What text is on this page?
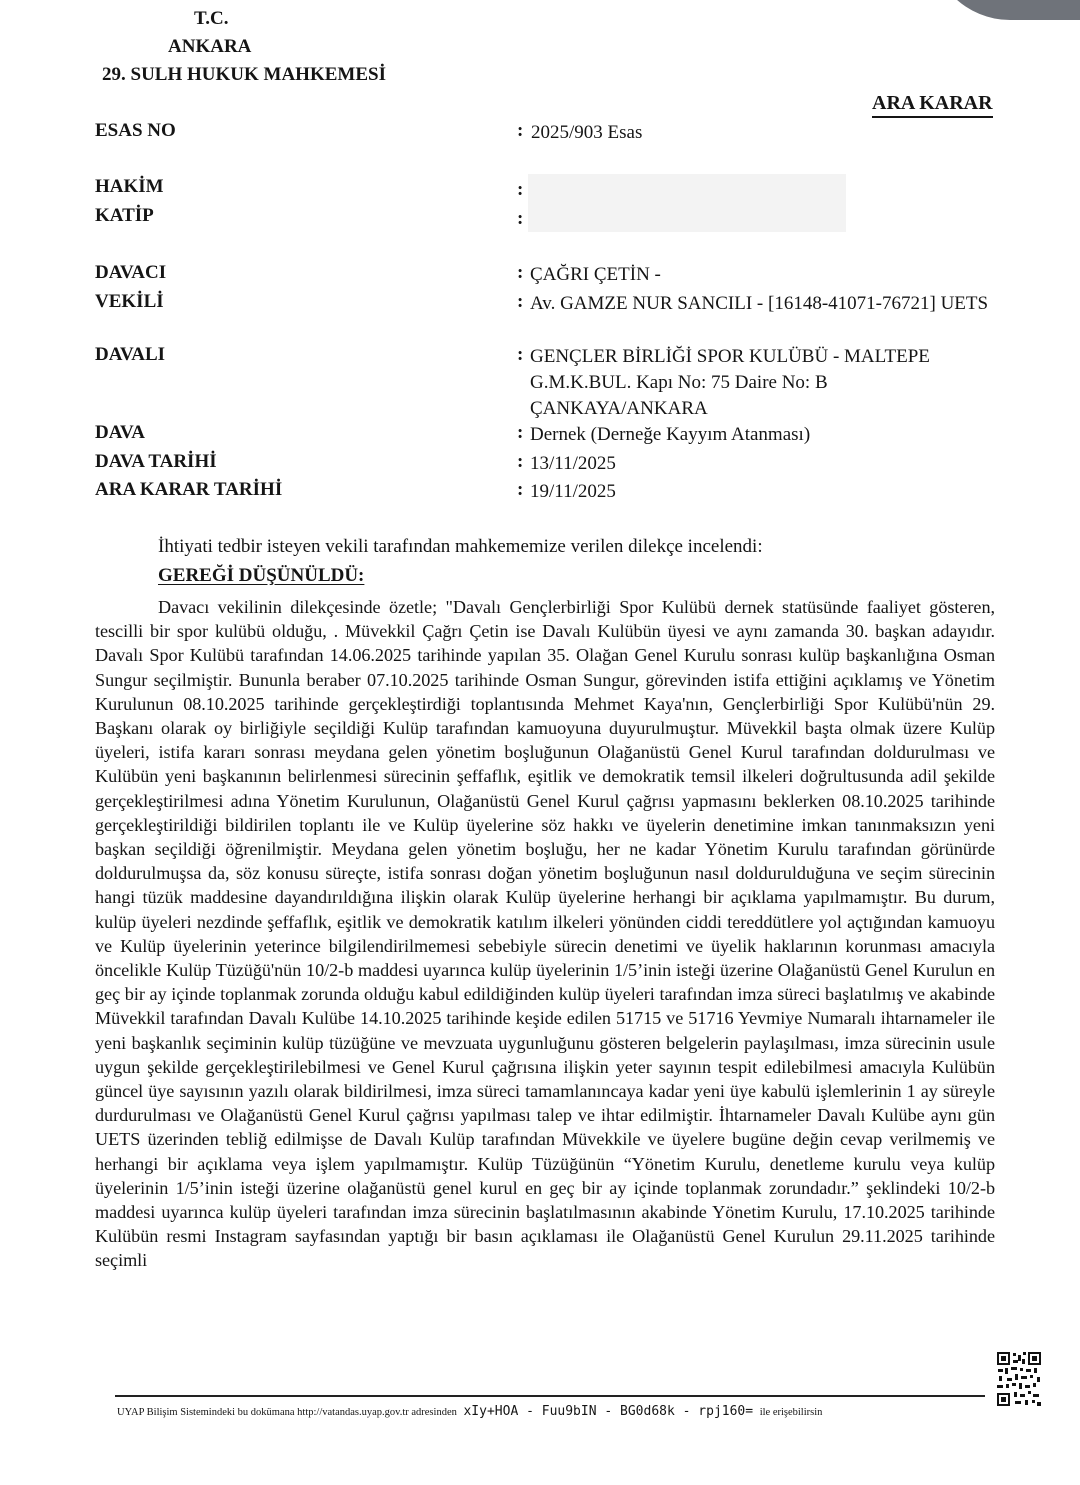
T.C.
ANKARA
29. SULH HUKUK MAHKEMESİ
ARA KARAR
ESAS NO	: 2025/903 Esas
HAKİM	:
KATİP	:
DAVACI	: ÇAĞRI ÇETİN -
VEKİLİ	: Av. GAMZE NUR SANCILI - [16148-41071-76721] UETS
DAVALI	: GENÇLER BİRLİĞİ SPOR KULÜBÜ - MALTEPE G.M.K.BUL. Kapı No: 75 Daire No: B ÇANKAYA/ANKARA
DAVA	: Dernek (Derneğe Kayyım Atanması)
DAVA TARİHİ	: 13/11/2025
ARA KARAR TARİHİ	: 19/11/2025
İhtiyati tedbir isteyen vekili tarafından mahkememize verilen dilekçe incelendi:
GEREĞİ DÜŞÜNÜLDÜ:

Davacı vekilinin dilekçesinde özetle; "Davalı Gençlerbirliği Spor Kulübü dernek statüsünde faaliyet gösteren, tescilli bir spor kulübü olduğu, . Müvekkil Çağrı Çetin ise Davalı Kulübün üyesi ve aynı zamanda 30. başkan adayıdır. Davalı Spor Kulübü tarafından 14.06.2025 tarihinde yapılan 35. Olağan Genel Kurulu sonrası kulüp başkanlığına Osman Sungur seçilmiştir. Bununla beraber 07.10.2025 tarihinde Osman Sungur, görevinden istifa ettiğini açıklamış ve Yönetim Kurulunun 08.10.2025 tarihinde gerçekleştirdiği toplantısında Mehmet Kaya'nın, Gençlerbirliği Spor Kulübü'nün 29. Başkanı olarak oy birliğiyle seçildiği Kulüp tarafından kamuoyuna duyurulmuştur. Müvekkil başta olmak üzere Kulüp üyeleri, istifa kararı sonrası meydana gelen yönetim boşluğunun Olağanüstü Genel Kurul tarafından doldurulması ve Kulübün yeni başkanının belirlenmesi sürecinin şeffaflık, eşitlik ve demokratik temsil ilkeleri doğrultusunda adil şekilde gerçekleştirilmesi adına Yönetim Kurulunun, Olağanüstü Genel Kurul çağrısı yapmasını beklerken 08.10.2025 tarihinde gerçekleştirildiği bildirilen toplantı ile ve Kulüp üyelerine söz hakkı ve üyelerin denetimine imkan tanınmaksızın yeni başkan seçildiği öğrenilmiştir. Meydana gelen yönetim boşluğu, her ne kadar Yönetim Kurulu tarafından görünürde doldurulmuşsa da, söz konusu süreçte, istifa sonrası doğan yönetim boşluğunun nasıl doldurulduğuna ve seçim sürecinin hangi tüzük maddesine dayandırıldığına ilişkin olarak Kulüp üyelerine herhangi bir açıklama yapılmamıştır. Bu durum, kulüp üyeleri nezdinde şeffaflık, eşitlik ve demokratik katılım ilkeleri yönünden ciddi tereddütlere yol açtığından kamuoyu ve Kulüp üyelerinin yeterince bilgilendirilmemesi sebebiyle sürecin denetimi ve üyelik haklarının korunması amacıyla öncelikle Kulüp Tüzüğü'nün 10/2-b maddesi uyarınca kulüp üyelerinin 1/5’inin isteği üzerine Olağanüstü Genel Kurulun en geç bir ay içinde toplanmak zorunda olduğu kabul edildiğinden kulüp üyeleri tarafından imza süreci başlatılmış ve akabinde Müvekkil tarafından Davalı Kulübe 14.10.2025 tarihinde keşide edilen 51715 ve 51716 Yevmiye Numaralı ihtarnameler ile yeni başkanlık seçiminin kulüp tüzüğüne ve mevzuata uygunluğunu gösteren belgelerin paylaşılması, imza sürecinin usule uygun şekilde gerçekleştirilebilmesi ve Genel Kurul çağrısına ilişkin yeter sayının tespit edilebilmesi amacıyla Kulübün güncel üye sayısının yazılı olarak bildirilmesi, imza süreci tamamlanıncaya kadar yeni üye kabulü işlemlerinin 1 ay süreyle durdurulması ve Olağanüstü Genel Kurul çağrısı yapılması talep ve ihtar edilmiştir. İhtarnameler Davalı Kulübe aynı gün UETS üzerinden tebliğ edilmişse de Davalı Kulüp tarafından Müvekkile ve üyelere bugüne değin cevap verilmemiş ve herhangi bir açıklama veya işlem yapılmamıştır. Kulüp Tüzüğünün “Yönetim Kurulu, denetleme kurulu veya kulüp üyelerinin 1/5’inin isteği üzerine olağanüstü genel kurul en geç bir ay içinde toplanmak zorundadır.” şeklindeki 10/2-b maddesi uyarınca kulüp üyeleri tarafından imza sürecinin başlatılmasının akabinde Yönetim Kurulu, 17.10.2025 tarihinde Kulübün resmi Instagram sayfasından yaptığı bir basın açıklaması ile Olağanüstü Genel Kurulun 29.11.2025 tarihinde seçimli

UYAP Bilişim Sistemindeki bu dokümana http://vatandas.uyap.gov.tr adresinden xIy+HOA - Fuu9bIN - BG0d68k - rpj160= ile erişebilirsin
